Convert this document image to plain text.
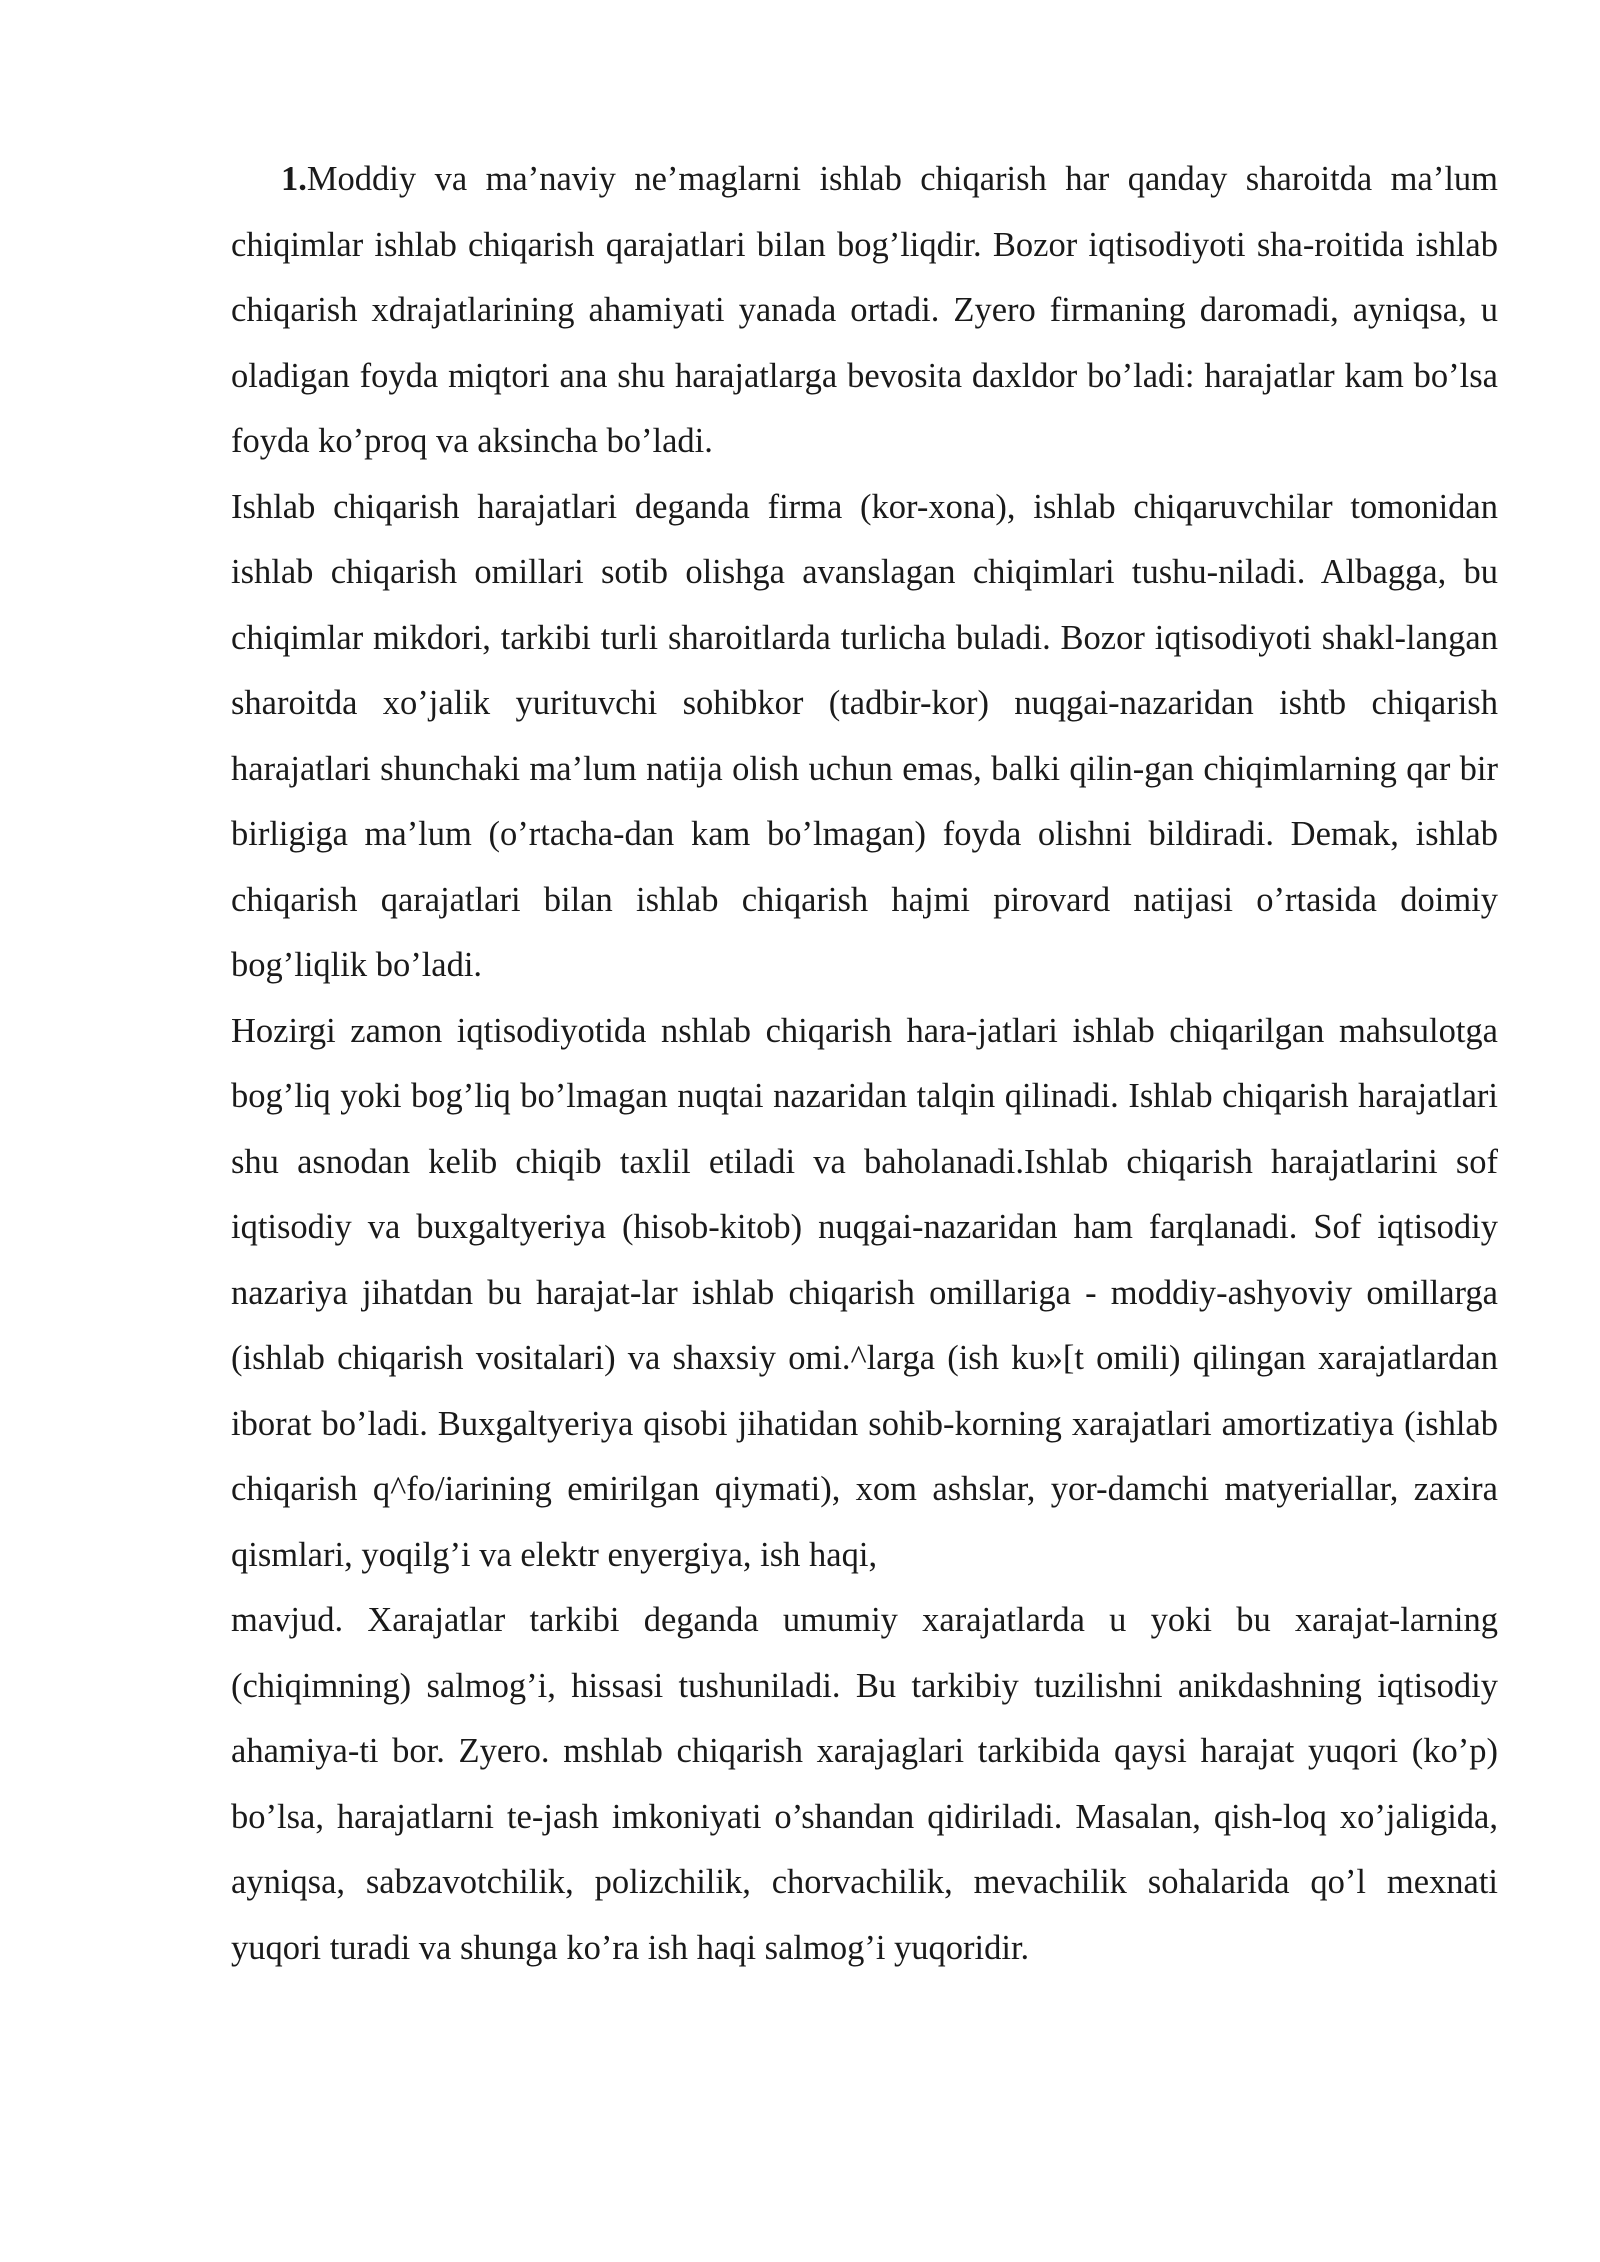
1.Moddiy va ma’naviy ne’maglarni ishlab chiqarish har qanday sharoitda ma’lum chiqimlar ishlab chiqarish qarajatlari bilan bog’liqdir. Bozor iqtisodiyoti sha-roitida ishlab chiqarish xdrajatlarining ahamiyati yanada ortadi. Zyero firmaning daromadi, ayniqsa, u oladigan foyda miqtori ana shu harajatlarga bevosita daxldor bo’ladi: harajatlar kam bo’lsa foyda ko’proq va aksincha bo’ladi.

Ishlab chiqarish harajatlari deganda firma (kor-xona), ishlab chiqaruvchilar tomonidan ishlab chiqarish omillari sotib olishga avanslagan chiqimlari tushu-niladi. Albagga, bu chiqimlar mikdori, tarkibi turli sharoitlarda turlicha buladi. Bozor iqtisodiyoti shakl-langan sharoitda xo’jalik yurituvchi sohibkor (tadbir-kor) nuqgai-nazaridan ishtb chiqarish harajatlari shunchaki ma’lum natija olish uchun emas, balki qilin-gan chiqimlarning qar bir birligiga ma’lum (o’rtacha-dan kam bo’lmagan) foyda olishni bildiradi. Demak, ishlab chiqarish qarajatlari bilan ishlab chiqarish hajmi pirovard natijasi o’rtasida doimiy bog’liqlik bo’ladi.

Hozirgi zamon iqtisodiyotida nshlab chiqarish hara-jatlari ishlab chiqarilgan mahsulotga bog’liq yoki bog’liq bo’lmagan nuqtai nazaridan talqin qilinadi. Ishlab chiqarish harajatlari shu asnodan kelib chiqib taxlil etiladi va baholanadi.Ishlab chiqarish harajatlarini sof iqtisodiy va buxgaltyeriya (hisob-kitob) nuqgai-nazaridan ham farqlanadi. Sof iqtisodiy nazariya jihatdan bu harajat-lar ishlab chiqarish omillariga - moddiy-ashyoviy omillarga (ishlab chiqarish vositalari) va shaxsiy omi.^larga (ish ku»[t omili) qilingan xarajatlardan iborat bo’ladi. Buxgaltyeriya qisobi jihatidan sohib-korning xarajatlari amortizatiya (ishlab chiqarish q^fo/iarining emirilgan qiymati), xom ashslar, yor-damchi matyeriallar, zaxira qismlari, yoqilg’i va elektr enyergiya, ish haqi,

mavjud. Xarajatlar tarkibi deganda umumiy xarajatlarda u yoki bu xarajat-larning (chiqimning) salmog’i, hissasi tushuniladi. Bu tarkibiy tuzilishni anikdashning iqtisodiy ahamiya-ti bor. Zyero. mshlab chiqarish xarajaglari tarkibida qaysi harajat yuqori (ko’p) bo’lsa, harajatlarni te-jash imkoniyati o’shandan qidiriladi. Masalan, qish-loq xo’jaligida, ayniqsa, sabzavotchilik, polizchilik, chorvachilik, mevachilik sohalarida qo’l mexnati yuqori turadi va shunga ko’ra ish haqi salmog’i yuqoridir.
